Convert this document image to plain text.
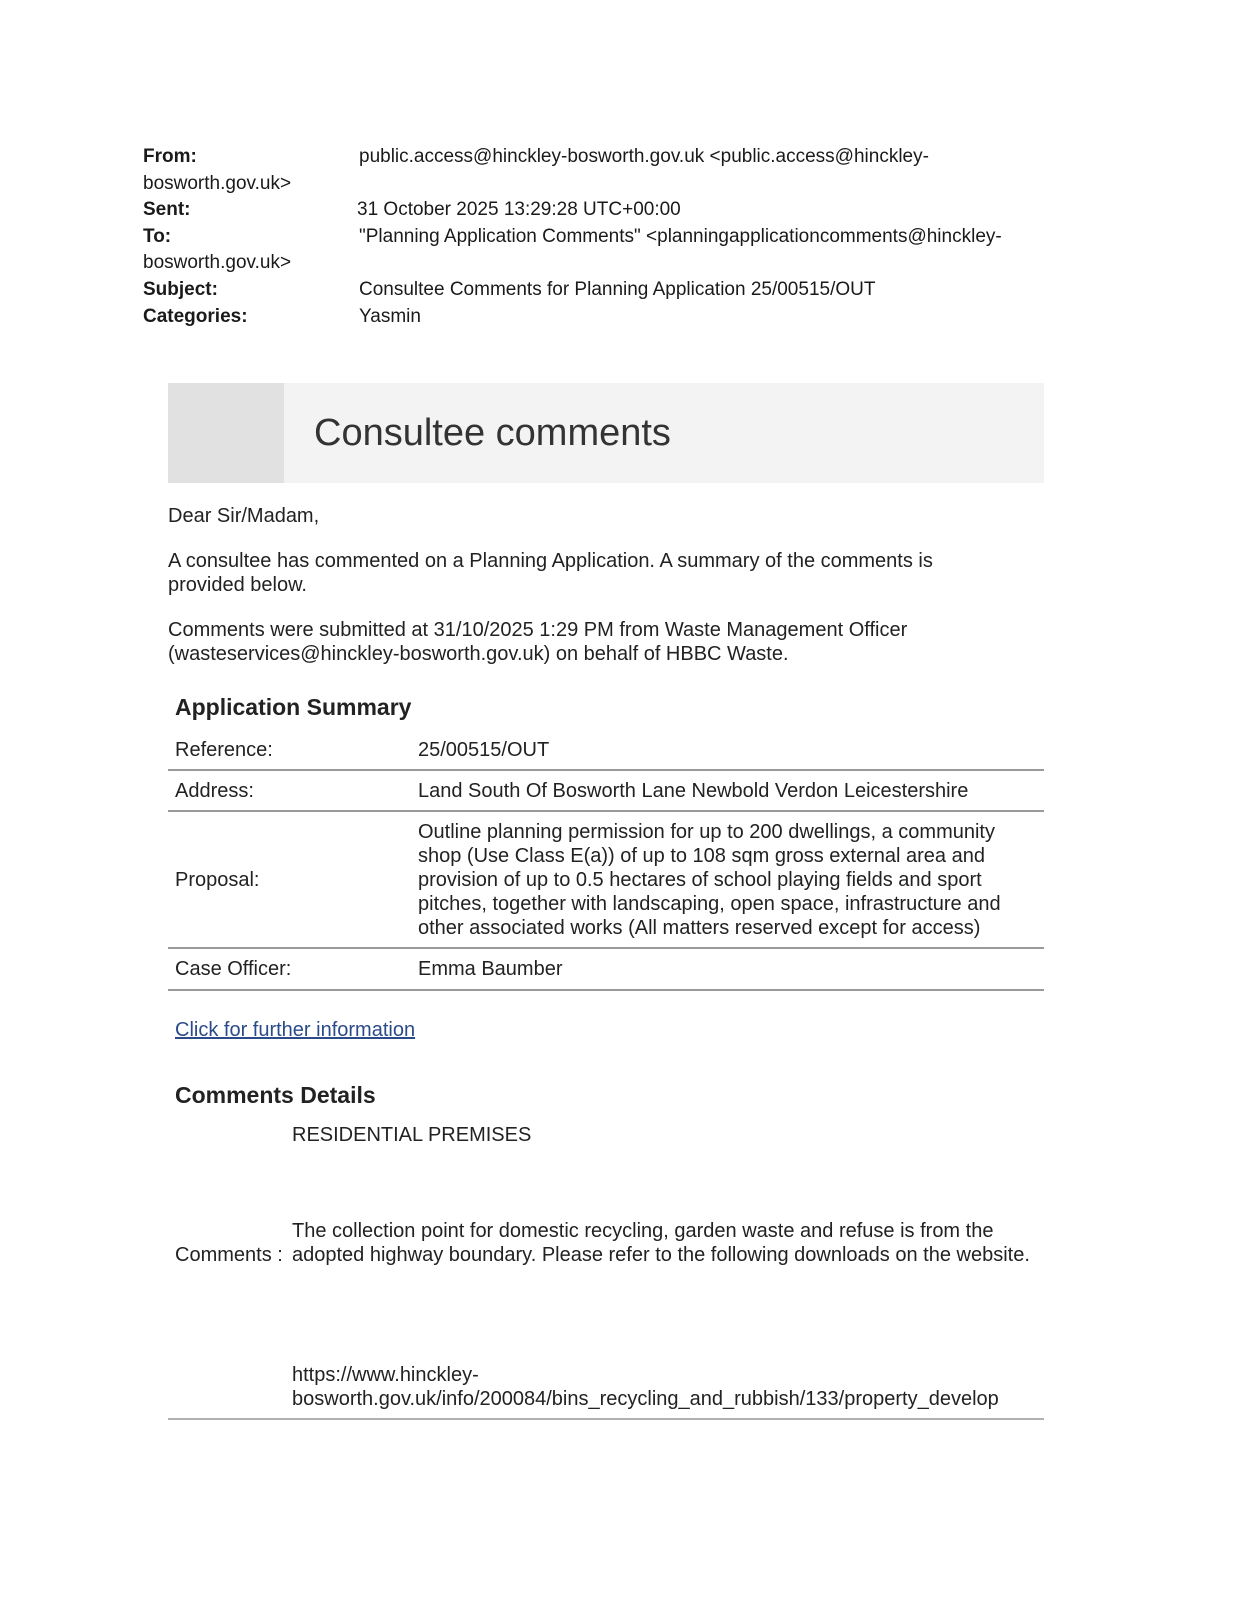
From:	public.access@hinckley-bosworth.gov.uk <public.access@hinckley-
bosworth.gov.uk>
Sent:	31 October 2025 13:29:28 UTC+00:00
To:	"Planning Application Comments" <planningapplicationcomments@hinckley-
bosworth.gov.uk>
Subject:	Consultee Comments for Planning Application 25/00515/OUT
Categories:	Yasmin
Consultee comments
Dear Sir/Madam,
A consultee has commented on a Planning Application. A summary of the comments is provided below.
Comments were submitted at 31/10/2025 1:29 PM from Waste Management Officer (wasteservices@hinckley-bosworth.gov.uk) on behalf of HBBC Waste.
Application Summary
Reference:	25/00515/OUT
Address:	Land South Of Bosworth Lane Newbold Verdon Leicestershire
Proposal:
Outline planning permission for up to 200 dwellings, a community shop (Use Class E(a)) of up to 108 sqm gross external area and provision of up to 0.5 hectares of school playing fields and sport pitches, together with landscaping, open space, infrastructure and other associated works (All matters reserved except for access)
Case Officer:	Emma Baumber
Click for further information
Comments Details
Comments :
RESIDENTIAL PREMISES
The collection point for domestic recycling, garden waste and refuse is from the adopted highway boundary. Please refer to the following downloads on the website.
https://www.hinckley-
bosworth.gov.uk/info/200084/bins_recycling_and_rubbish/133/property_develop
